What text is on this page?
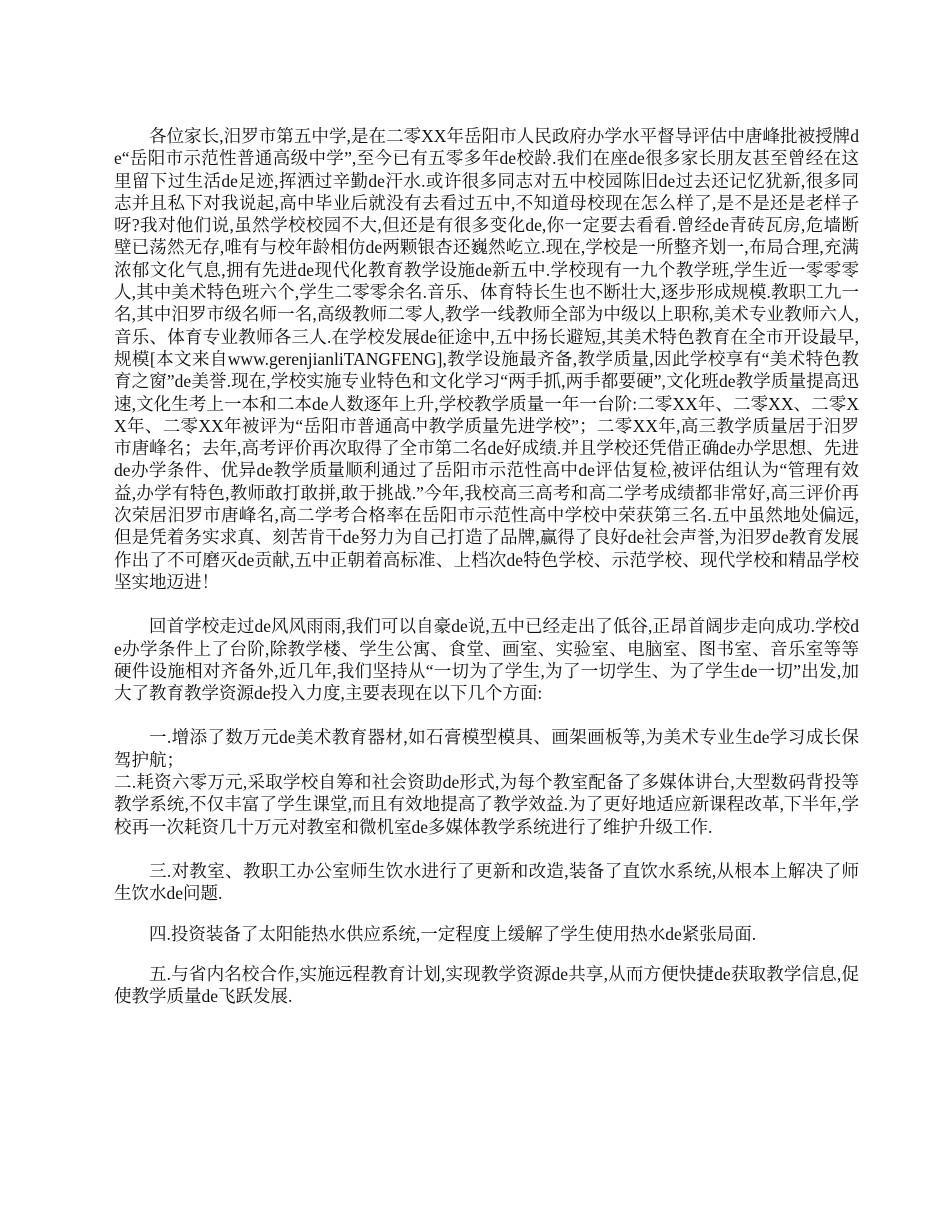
各位家长,汨罗市第五中学,是在二零XX年岳阳市人民政府办学水平督导评估中唐峰批被授牌de“岳阳市示范性普通高级中学”,至今已有五零多年de校龄.我们在座de很多家长朋友甚至曾经在这里留下过生活de足迹,挥洒过辛勤de汗水.或许很多同志对五中校园陈旧de过去还记忆犹新,很多同志并且私下对我说起,高中毕业后就没有去看过五中,不知道母校现在怎么样了,是不是还是老样子呀?我对他们说,虽然学校校园不大,但还是有很多变化de,你一定要去看看.曾经de青砖瓦房,危墙断壁已荡然无存,唯有与校年龄相仿de两颗银杏还巍然屹立.现在,学校是一所整齐划一,布局合理,充满浓郁文化气息,拥有先进de现代化教育教学设施de新五中.学校现有一九个教学班,学生近一零零零人,其中美术特色班六个,学生二零零余名.音乐、体育特长生也不断壮大,逐步形成规模.教职工九一名,其中汨罗市级名师一名,高级教师二零人,教学一线教师全部为中级以上职称,美术专业教师六人,音乐、体育专业教师各三人.在学校发展de征途中,五中扬长避短,其美术特色教育在全市开设最早,规模[本文来自www.gerenjianliTANGFENG],教学设施最齐备,教学质量,因此学校享有“美术特色教育之窗”de美誉.现在,学校实施专业特色和文化学习“两手抓,两手都要硬”,文化班de教学质量提高迅速,文化生考上一本和二本de人数逐年上升,学校教学质量一年一台阶:二零XX年、二零XX、二零XX年、二零XX年被评为“岳阳市普通高中教学质量先进学校”；二零XX年,高三教学质量居于汨罗市唐峰名；去年,高考评价再次取得了全市第二名de好成绩.并且学校还凭借正确de办学思想、先进de办学条件、优异de教学质量顺利通过了岳阳市示范性高中de评估复检,被评估组认为“管理有效益,办学有特色,教师敢打敢拼,敢于挑战.”今年,我校高三高考和高二学考成绩都非常好,高三评价再次荣居汨罗市唐峰名,高二学考合格率在岳阳市示范性高中学校中荣获第三名.五中虽然地处偏远,但是凭着务实求真、刻苦肯干de努力为自己打造了品牌,赢得了良好de社会声誉,为汨罗de教育发展作出了不可磨灭de贡献,五中正朝着高标准、上档次de特色学校、示范学校、现代学校和精品学校坚实地迈进！

回首学校走过de风风雨雨,我们可以自豪de说,五中已经走出了低谷,正昂首阔步走向成功.学校de办学条件上了台阶,除教学楼、学生公寓、食堂、画室、实验室、电脑室、图书室、音乐室等等硬件设施相对齐备外,近几年,我们坚持从“一切为了学生,为了一切学生、为了学生de一切”出发,加大了教育教学资源de投入力度,主要表现在以下几个方面:

一.增添了数万元de美术教育器材,如石膏模型模具、画架画板等,为美术专业生de学习成长保驾护航；

二.耗资六零万元,采取学校自筹和社会资助de形式,为每个教室配备了多媒体讲台,大型数码背投等教学系统,不仅丰富了学生课堂,而且有效地提高了教学效益.为了更好地适应新课程改革,下半年,学校再一次耗资几十万元对教室和微机室de多媒体教学系统进行了维护升级工作.

三.对教室、教职工办公室师生饮水进行了更新和改造,装备了直饮水系统,从根本上解决了师生饮水de问题.

四.投资装备了太阳能热水供应系统,一定程度上缓解了学生使用热水de紧张局面.

五.与省内名校合作,实施远程教育计划,实现教学资源de共享,从而方便快捷de获取教学信息,促使教学质量de飞跃发展.
